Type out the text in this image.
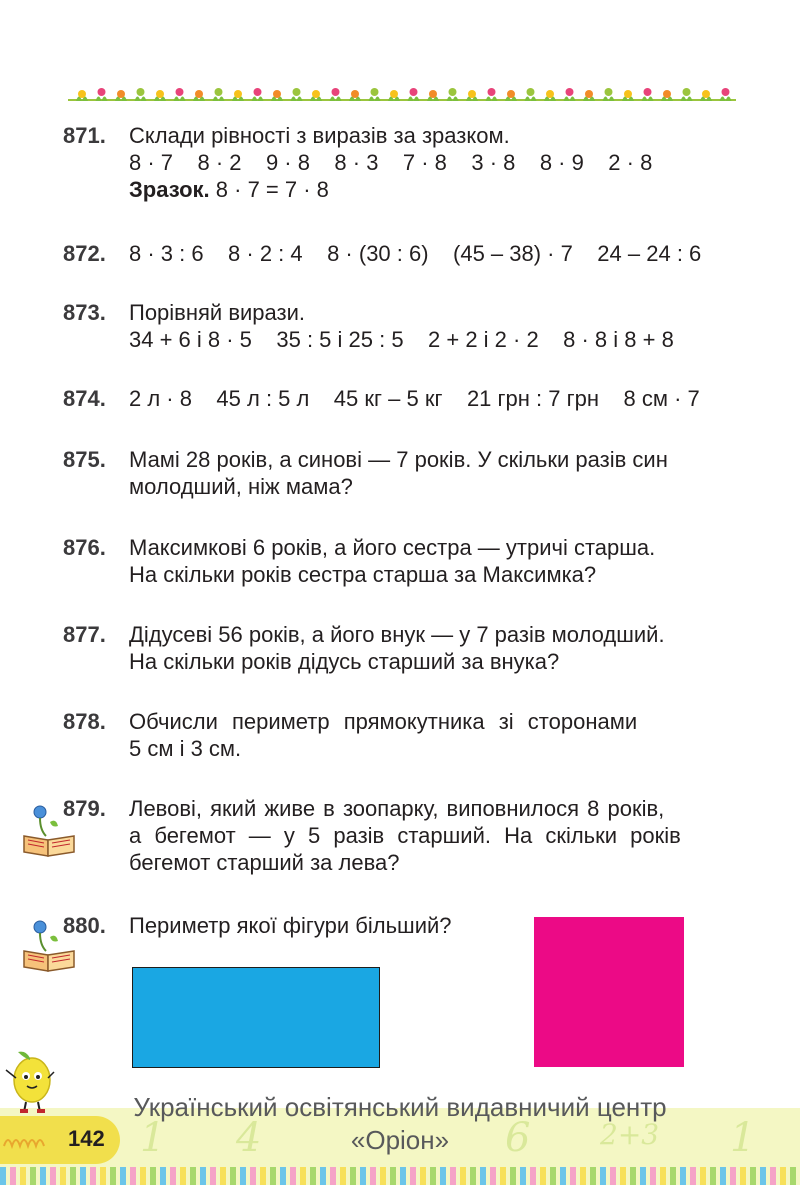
871.	Склади рівності з виразів за зразком.
8 · 7    8 · 2    9 · 8    8 · 3    7 · 8    3 · 8    8 · 9    2 · 8
Зразок. 8 · 7 = 7 · 8
872.	8 · 3 : 6    8 · 2 : 4    8 · (30 : 6)    (45 – 38) · 7    24 – 24 : 6
873.	Порівняй вирази.
34 + 6 і 8 · 5    35 : 5 і 25 : 5    2 + 2 і 2 · 2    8 · 8 і 8 + 8
874.	2 л · 8    45 л : 5 л    45 кг – 5 кг    21 грн : 7 грн    8 см · 7
875.	Мамі 28 років, а синові — 7 років. У скільки разів син
молодший, ніж мама?
876.	Максимкові 6 років, а його сестра — утричі старша.
На скільки років сестра старша за Максимка?
877.	Дідусеві 56 років, а його внук — у 7 разів молодший.
На скільки років дідусь старший за внука?
878.	Обчисли периметр прямокутника зі сторонами
5 см і 3 см.
879.	Левові, який живе в зоопарку, виповнилося 8 років,
а бегемот — у 5 разів старший. На скільки років
бегемот старший за лева?
880.	Периметр якої фігури більший?
1 4	6 2+3 1
142
Український освітянський видавничий центр
«Оріон»
